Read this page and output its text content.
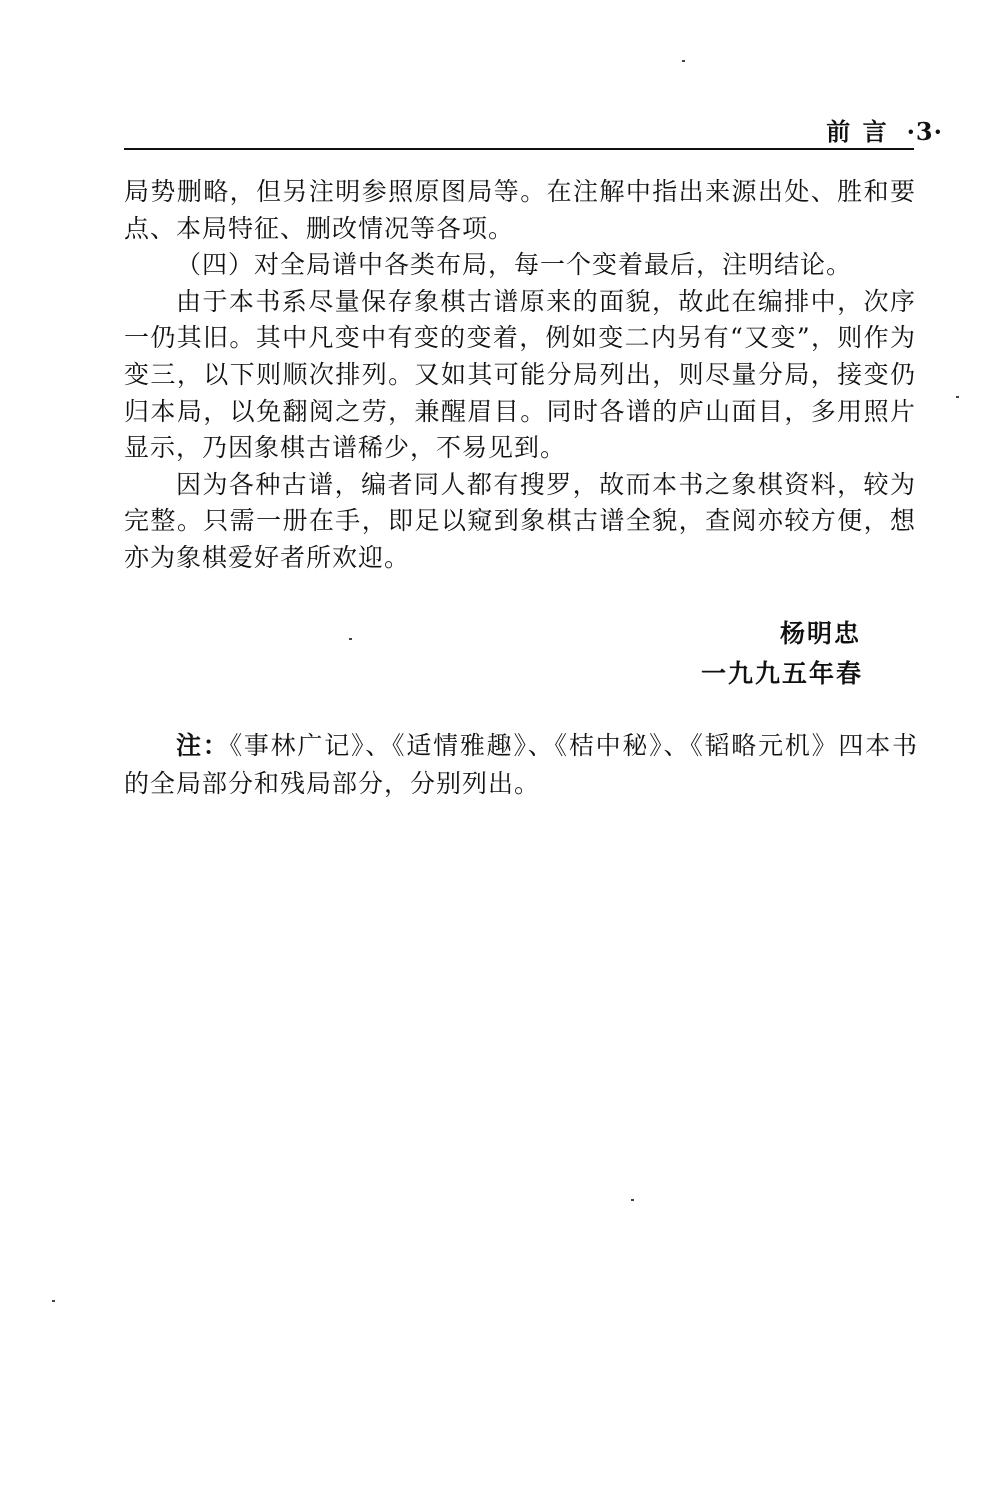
前 言 ·3·

局势删略，但另注明参照原图局等。在注解中指出来源出处、胜和要点、本局特征、删改情况等各项。

（四）对全局谱中各类布局，每一个变着最后，注明结论。

由于本书系尽量保存象棋古谱原来的面貌，故此在编排中，次序一仍其旧。其中凡变中有变的变着，例如变二内另有“又变”，则作为变三，以下则顺次排列。又如其可能分局列出，则尽量分局，接变仍归本局，以免翻阅之劳，兼醒眉目。同时各谱的庐山面目，多用照片显示，乃因象棋古谱稀少，不易见到。

因为各种古谱，编者同人都有搜罗，故而本书之象棋资料，较为完整。只需一册在手，即足以窥到象棋古谱全貌，查阅亦较方便，想亦为象棋爱好者所欢迎。

杨明忠
一九九五年春

注：《事林广记》、《适情雅趣》、《桔中秘》、《韬略元机》四本书的全局部分和残局部分，分别列出。
